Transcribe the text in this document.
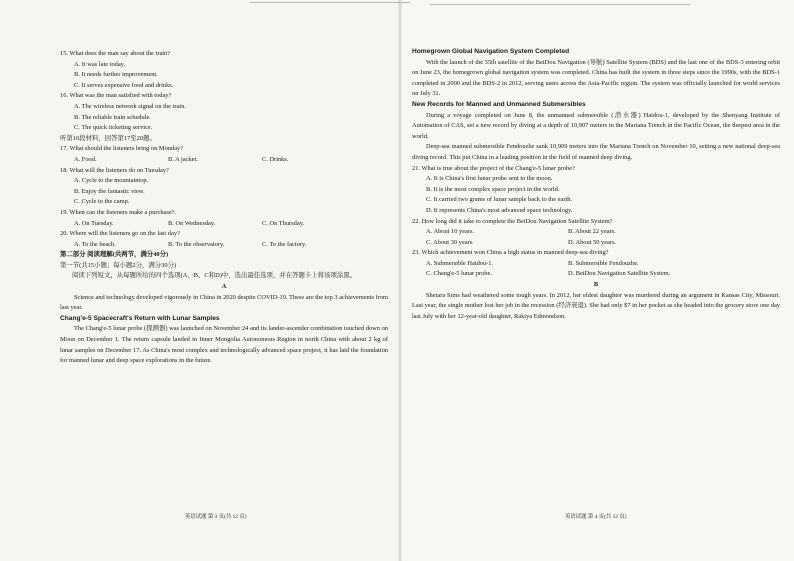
15. What does the man say about the train?
A. It was late today.
B. It needs further improvement.
C. It serves expensive food and drinks.
16. What was the man satisfied with today?
A. The wireless network signal on the train.
B. The reliable train schedule.
C. The quick ticketing service.
听第10段材料，回答第17至20题。
17. What should the listeners bring on Monday?
A. Food.	B. A jacket.	C. Drinks.
18. What will the listeners do on Tuesday?
A. Cycle to the mountaintop.
B. Enjoy the fantastic view.
C. Cycle to the camp.
19. When can the listeners make a purchase?
A. On Tuesday.	B. On Wednesday.	C. On Thursday.
20. Where will the listeners go on the last day?
A. To the beach.	B. To the observatory.	C. To the factory.
第二部分 阅读理解(共两节，满分40分)
第一节(共15小题；每小题2分，满分30分)
阅读下列短文，从每题所给的四个选项(A、B、C和D)中，选出最佳选项，并在答题卡上将该项涂黑。
A
Science and technology developed vigorously in China in 2020 despite COVID-19. These are the top 3 achievements from last year.
Chang'e-5 Spacecraft's Return with Lunar Samples
The Chang'e-5 lunar probe (探测器) was launched on November 24 and its lander-ascender combination touched down on Moon on December 1. The return capsule landed in Inner Mongolia Autonomous Region in north China with about 2 kg of lunar samples on December 17. As China's most complex and technologically advanced space project, it has laid the foundation for manned lunar and deep space explorations in the future.
Homegrown Global Navigation System Completed
With the launch of the 55th satellite of the BeiDou Navigation (导航) Satellite System (BDS) and the last one of the BDS-3 entering orbit on June 23, the homegrown global navigation system was completed. China has built the system in three steps since the 1990s, with the BDS-1 completed in 2000 and the BDS-2 in 2012, serving users across the Asia-Pacific region. The system was officially launched for world services on July 31.
New Records for Manned and Unmanned Submersibles
During a voyage completed on June 8, the unmanned submersible (潜水器) Haidou-1, developed by the Shenyang Institute of Automation of CAS, set a new record by diving at a depth of 10,907 meters in the Mariana Trench in the Pacific Ocean, the deepest area in the world.
Deep-sea manned submersible Fendouzhe sank 10,909 meters into the Mariana Trench on November 10, setting a new national deep-sea diving record. This put China in a leading position in the field of manned deep diving.
21. What is true about the project of the Chang'e-5 lunar probe?
A. It is China's first lunar probe sent to the moon.
B. It is the most complex space project in the world.
C. It carried two grams of lunar sample back to the earth.
D. It represents China's most advanced space technology.
22. How long did it take to complete the BeiDou Navigation Satellite System?
A. About 10 years.	B. About 22 years.
C. About 30 years.	D. About 50 years.
23. Which achievement won China a high status in manned deep-sea diving?
A. Submersible Haidou-1.	B. Submersible Fendouzhe.
C. Chang'e-5 lunar probe.	D. BeiDou Navigation Satellite System.
B
Shetara Sims had weathered some tough years. In 2012, her eldest daughter was murdered during an argument in Kansas City, Missouri. Last year, the single mother lost her job in the recession (经济衰退). She had only $7 in her pocket as she headed into the grocery store one day last July with her 12-year-old daughter, Rakiya Edmondson.
英语试题 第 3 页(共 12 页)	英语试题 第 4 页(共 12 页)
